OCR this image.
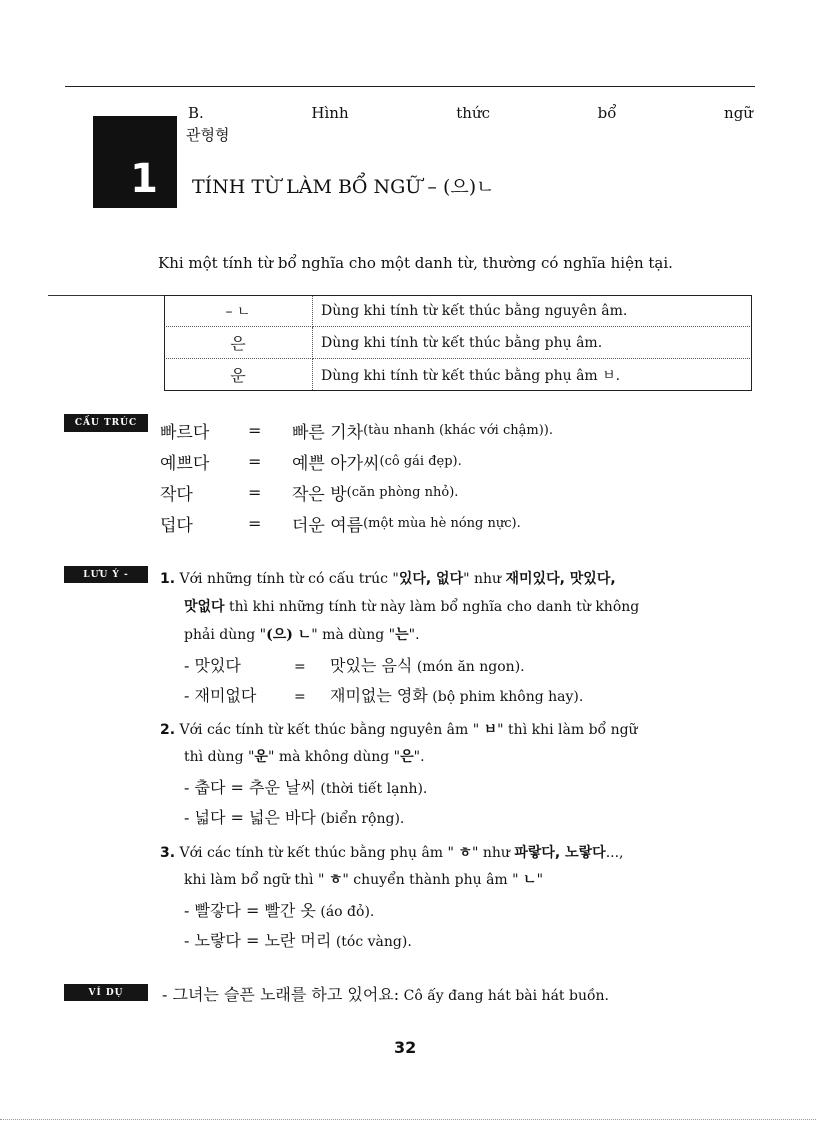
B.	Hình	thức	bổ	ngữ
관형형
1 TÍNH TỪ LÀM BỔ NGỮ – (으)ㄴ
Khi một tính từ bổ nghĩa cho một danh từ, thường có nghĩa hiện tại.
– ㄴ	Dùng khi tính từ kết thúc bằng nguyên âm.
은	Dùng khi tính từ kết thúc bằng phụ âm.
운	Dùng khi tính từ kết thúc bằng phụ âm ㅂ.
CẤU TRÚC	빠르다	=	빠른 기차 (tàu nhanh (khác với chậm)).
예쁘다	=	예쁜 아가씨 (cô gái đẹp).
작다	=	작은 방 (căn phòng nhỏ).
덥다	=	더운 여름 (một mùa hè nóng nực).
LƯU Ý -	1. Với những tính từ có cấu trúc "있다, 없다" như 재미있다, 맛있다,
맛없다 thì khi những tính từ này làm bổ nghĩa cho danh từ không
phải dùng "(으) ㄴ" mà dùng "는".
- 맛있다	= 맛있는 음식 (món ăn ngon).
- 재미없다	= 재미없는 영화 (bộ phim không hay).
2. Với các tính từ kết thúc bằng nguyên âm " ㅂ" thì khi làm bổ ngữ
thì dùng "운" mà không dùng "은".
- 춥다 = 추운 날씨 (thời tiết lạnh).
- 넓다 = 넓은 바다 (biển rộng).
3. Với các tính từ kết thúc bằng phụ âm " ㅎ" như 파랗다, 노랗다...,
khi làm bổ ngữ thì " ㅎ" chuyển thành phụ âm " ㄴ"
- 빨갛다 = 빨간 옷 (áo đỏ).
- 노랗다 = 노란 머리 (tóc vàng).
VÍ DỤ	- 그녀는 슬픈 노래를 하고 있어요: Cô ấy đang hát bài hát buồn.
32
